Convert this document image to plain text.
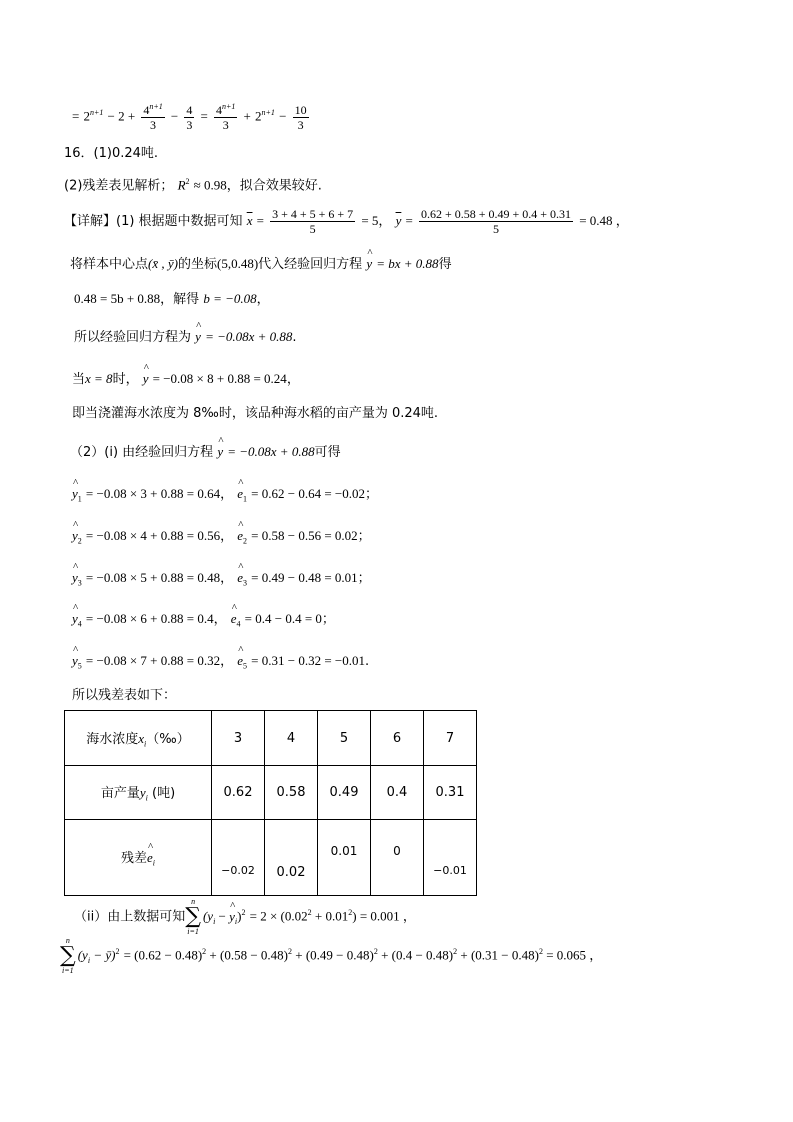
= $2^{n+1} - 2 + \frac{4^{n+1}}{3} - \frac{4}{3} = \frac{4^{n+1}}{3} + 2^{n+1} - \frac{10}{3}$
16．(1)0.24吨.
(2)残差表见解析； $R^2 \approx 0.98$，拟合效果较好.
【详解】(1) 根据题中数据可知 $\overline{x} = \frac{3 + 4 + 5 + 6 + 7}{5} = 5$， $\overline{y} = \frac{0.62 + 0.58 + 0.49 + 0.4 + 0.31}{5} = 0.48$ ，
将样本中心点(x̄ , ȳ)的坐标(5,0.48)代入经验回归方程 ^ y = bx + 0.88得
0.48 = 5b + 0.88，解得 b = −0.08，
所以经验回归方程为 ^ y = −0.08x + 0.88.
当x = 8时， ^ y = −0.08 × 8 + 0.88 = 0.24，
即当浇灌海水浓度为 8‰时，该品种海水稻的亩产量为 0.24吨.
（2）(i) 由经验回归方程 ^ y = −0.08x + 0.88可得
^ $y_1 = -0.08 \times 3 + 0.88 = 0.64$， ^ $e_1 = 0.62 - 0.64 = -0.02$；
^ $y_2 = -0.08 \times 4 + 0.88 = 0.56$， ^ $e_2 = 0.58 - 0.56 = 0.02$；
^ $y_3 = -0.08 \times 5 + 0.88 = 0.48$， ^ $e_3 = 0.49 - 0.48 = 0.01$；
^ $y_4 = -0.08 \times 6 + 0.88 = 0.4$， ^ $e_4 = 0.4 - 0.4 = 0$；
^ $y_5 = -0.08 \times 7 + 0.88 = 0.32$， ^ $e_5 = 0.31 - 0.32 = -0.01$.
所以残差表如下：
海水浓度$x_i(‰)$	3	4	5	6	7
亩产量$y_i$ (吨)	0.62	0.58	0.49	0.4	0.31
残差^ $e_i$	−0.02	0.02	0.01	0	−0.01
（ii）由上数据可知
n
∑
i=1
($y_i$ − ^ $y_i)^2 = 2 \times (0.02^2 + 0.01^2) = 0.001$ ，
n
∑
i=1
($y_i$ − ȳ)$^2$ = $(0.62 - 0.48)^2 + (0.58 - 0.48)^2 + (0.49 - 0.48)^2 + (0.4 - 0.48)^2 + (0.31 - 0.48)^2 = 0.065$ ，
